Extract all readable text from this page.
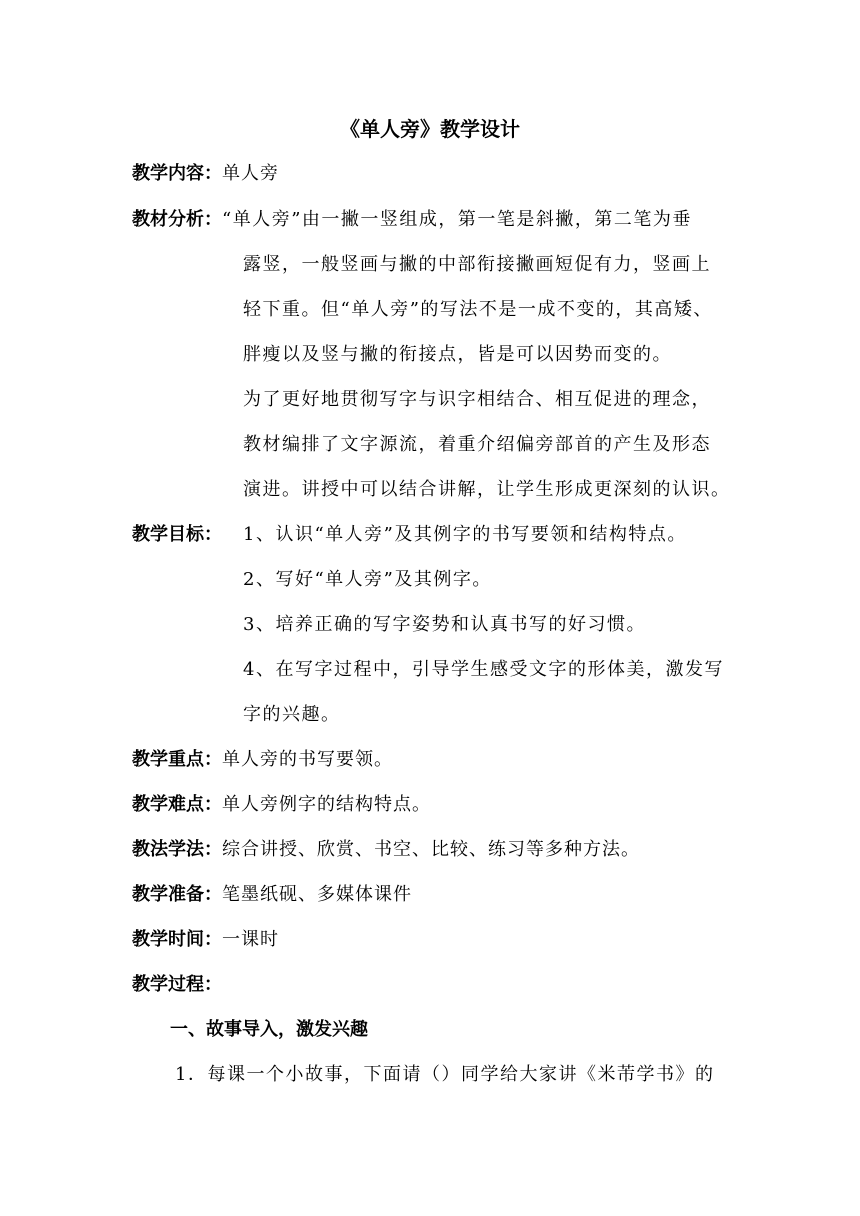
《单人旁》教学设计
教学内容：单人旁
教材分析：“单人旁”由一撇一竖组成，第一笔是斜撇，第二笔为垂
露竖，一般竖画与撇的中部衔接撇画短促有力，竖画上
轻下重。但“单人旁”的写法不是一成不变的，其高矮、
胖瘦以及竖与撇的衔接点，皆是可以因势而变的。
为了更好地贯彻写字与识字相结合、相互促进的理念，
教材编排了文字源流，着重介绍偏旁部首的产生及形态
演进。讲授中可以结合讲解，让学生形成更深刻的认识。
教学目标： 1、认识“单人旁”及其例字的书写要领和结构特点。
2、写好“单人旁”及其例字。
3、培养正确的写字姿势和认真书写的好习惯。
4、在写字过程中，引导学生感受文字的形体美，激发写
字的兴趣。
教学重点：单人旁的书写要领。
教学难点：单人旁例字的结构特点。
教法学法：综合讲授、欣赏、书空、比较、练习等多种方法。
教学准备：笔墨纸砚、多媒体课件
教学时间：一课时
教学过程：
一、故事导入，激发兴趣
1．每课一个小故事，下面请（）同学给大家讲《米芾学书》的
